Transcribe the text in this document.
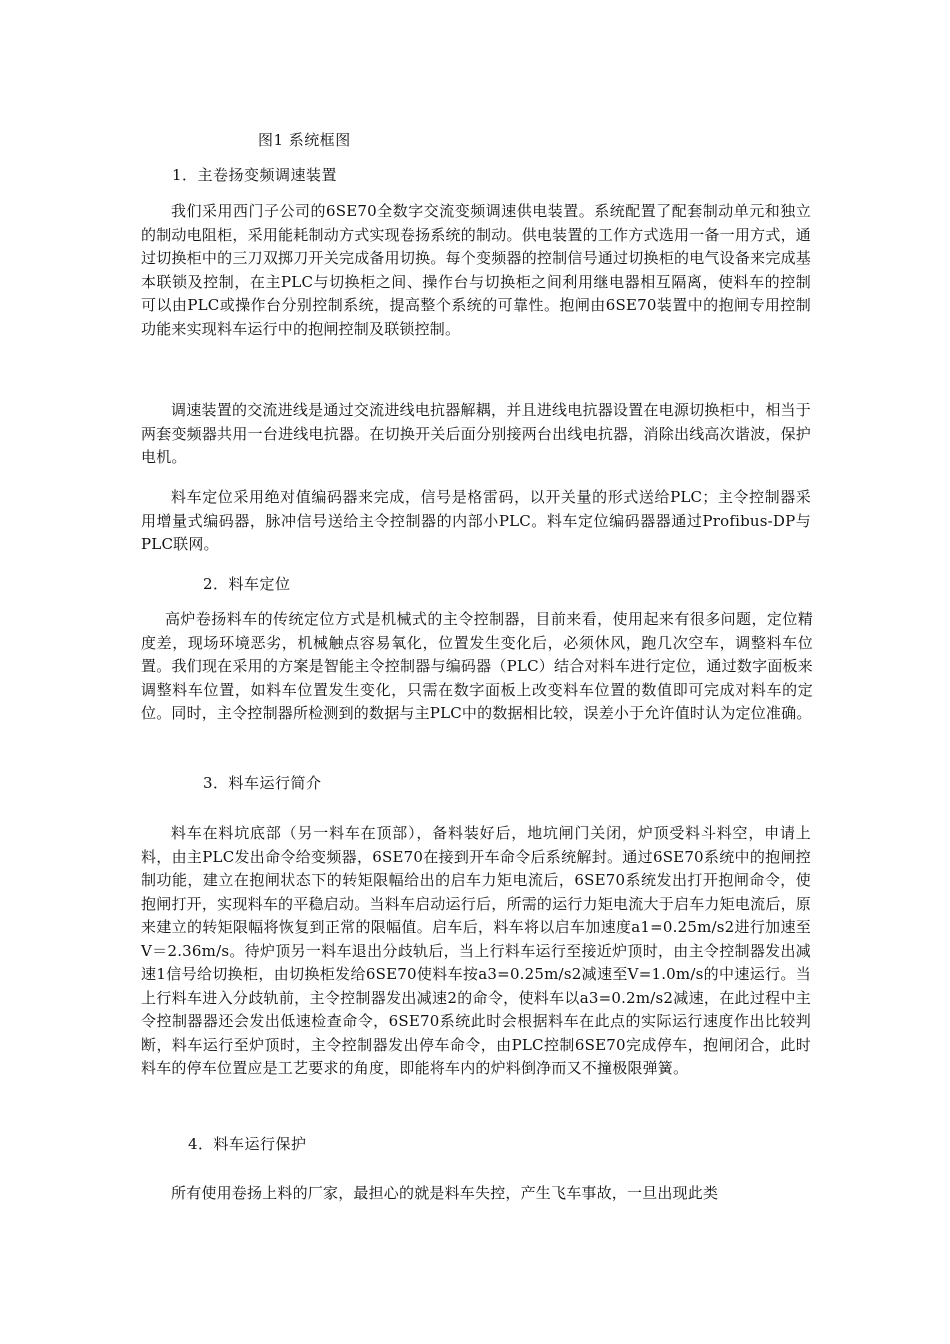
图1 系统框图
1．主卷扬变频调速装置
我们采用西门子公司的6SE70全数字交流变频调速供电装置。系统配置了配套制动单元和独立的制动电阻柜，采用能耗制动方式实现卷扬系统的制动。供电装置的工作方式选用一备一用方式，通过切换柜中的三刀双掷刀开关完成备用切换。每个变频器的控制信号通过切换柜的电气设备来完成基本联锁及控制，在主PLC与切换柜之间、操作台与切换柜之间利用继电器相互隔离，使料车的控制可以由PLC或操作台分别控制系统，提高整个系统的可靠性。抱闸由6SE70装置中的抱闸专用控制功能来实现料车运行中的抱闸控制及联锁控制。
调速装置的交流进线是通过交流进线电抗器解耦，并且进线电抗器设置在电源切换柜中，相当于两套变频器共用一台进线电抗器。在切换开关后面分别接两台出线电抗器，消除出线高次谐波，保护电机。
料车定位采用绝对值编码器来完成，信号是格雷码，以开关量的形式送给PLC；主令控制器采用增量式编码器，脉冲信号送给主令控制器的内部小PLC。料车定位编码器器通过Profibus-DP与PLC联网。
2．料车定位
高炉卷扬料车的传统定位方式是机械式的主令控制器，目前来看，使用起来有很多问题，定位精度差，现场环境恶劣，机械触点容易氧化，位置发生变化后，必须休风，跑几次空车，调整料车位置。我们现在采用的方案是智能主令控制器与编码器（PLC）结合对料车进行定位，通过数字面板来调整料车位置，如料车位置发生变化，只需在数字面板上改变料车位置的数值即可完成对料车的定位。同时，主令控制器所检测到的数据与主PLC中的数据相比较，误差小于允许值时认为定位准确。
3．料车运行简介
料车在料坑底部（另一料车在顶部），备料装好后，地坑闸门关闭，炉顶受料斗料空，申请上料，由主PLC发出命令给变频器，6SE70在接到开车命令后系统解封。通过6SE70系统中的抱闸控制功能，建立在抱闸状态下的转矩限幅给出的启车力矩电流后，6SE70系统发出打开抱闸命令，使抱闸打开，实现料车的平稳启动。当料车启动运行后，所需的运行力矩电流大于启车力矩电流后，原来建立的转矩限幅将恢复到正常的限幅值。启车后，料车将以启车加速度a1=0.25m/s2进行加速至V＝2.36m/s。待炉顶另一料车退出分歧轨后，当上行料车运行至接近炉顶时，由主令控制器发出减速1信号给切换柜，由切换柜发给6SE70使料车按a3=0.25m/s2减速至V=1.0m/s的中速运行。当上行料车进入分歧轨前，主令控制器发出减速2的命令，使料车以a3=0.2m/s2减速，在此过程中主令控制器器还会发出低速检查命令，6SE70系统此时会根据料车在此点的实际运行速度作出比较判断，料车运行至炉顶时，主令控制器发出停车命令，由PLC控制6SE70完成停车，抱闸闭合，此时料车的停车位置应是工艺要求的角度，即能将车内的炉料倒净而又不撞极限弹簧。
4．料车运行保护
所有使用卷扬上料的厂家，最担心的就是料车失控，产生飞车事故，一旦出现此类
